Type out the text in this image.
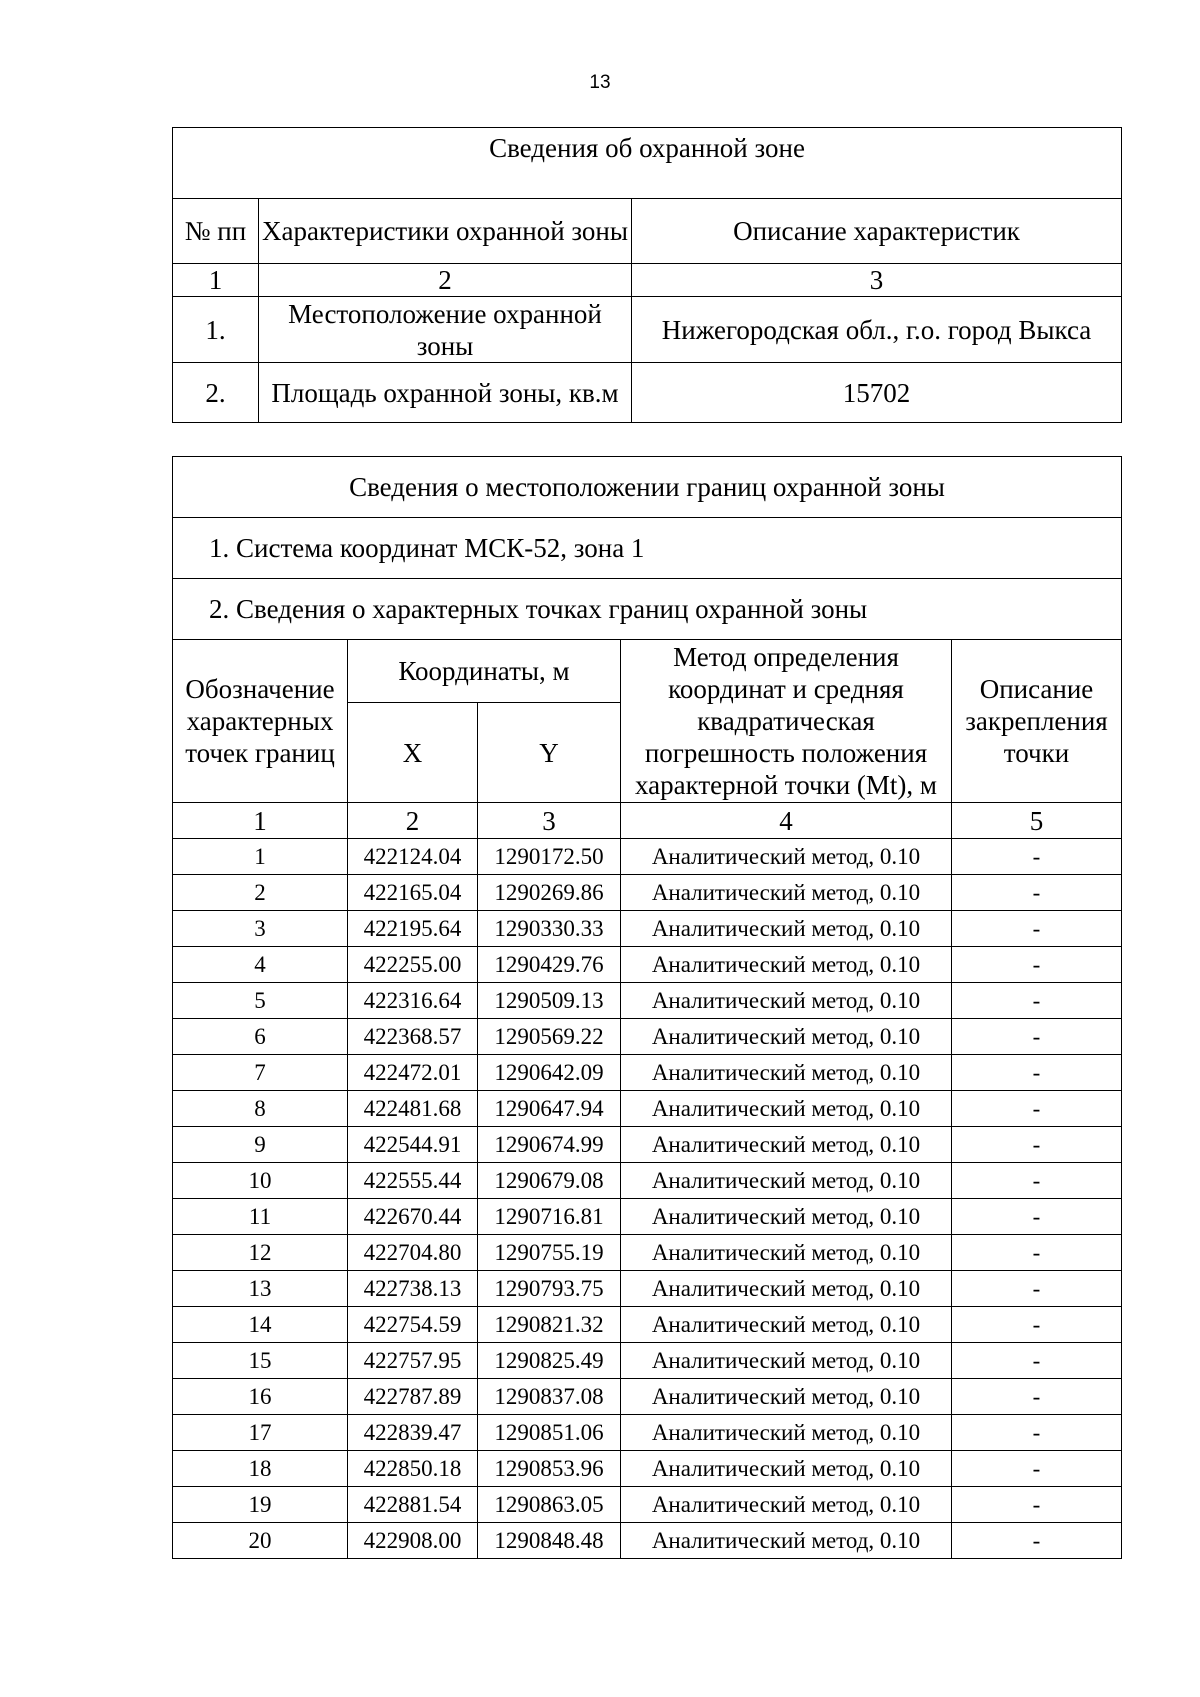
13
Сведения об охранной зоне		
№ пп	Характеристики охранной зоны	Описание характеристик
1	2	3
1.	Местоположение охранной зоны	Нижегородская обл., г.о. город Выкса
2.	Площадь охранной зоны, кв.м	15702
Сведения о местоположении границ охранной зоны				
1. Система координат МСК-52, зона 1				
2. Сведения о характерных точках границ охранной зоны				
Обозначение характерных точек границ	Координаты, м		Метод определения координат и средняя квадратическая погрешность положения характерной точки (Mt), м	Описание закрепления точки
	X	Y		
1	2	3	4	5
1	422124.04	1290172.50	Аналитический метод, 0.10	-
2	422165.04	1290269.86	Аналитический метод, 0.10	-
3	422195.64	1290330.33	Аналитический метод, 0.10	-
4	422255.00	1290429.76	Аналитический метод, 0.10	-
5	422316.64	1290509.13	Аналитический метод, 0.10	-
6	422368.57	1290569.22	Аналитический метод, 0.10	-
7	422472.01	1290642.09	Аналитический метод, 0.10	-
8	422481.68	1290647.94	Аналитический метод, 0.10	-
9	422544.91	1290674.99	Аналитический метод, 0.10	-
10	422555.44	1290679.08	Аналитический метод, 0.10	-
11	422670.44	1290716.81	Аналитический метод, 0.10	-
12	422704.80	1290755.19	Аналитический метод, 0.10	-
13	422738.13	1290793.75	Аналитический метод, 0.10	-
14	422754.59	1290821.32	Аналитический метод, 0.10	-
15	422757.95	1290825.49	Аналитический метод, 0.10	-
16	422787.89	1290837.08	Аналитический метод, 0.10	-
17	422839.47	1290851.06	Аналитический метод, 0.10	-
18	422850.18	1290853.96	Аналитический метод, 0.10	-
19	422881.54	1290863.05	Аналитический метод, 0.10	-
20	422908.00	1290848.48	Аналитический метод, 0.10	-
